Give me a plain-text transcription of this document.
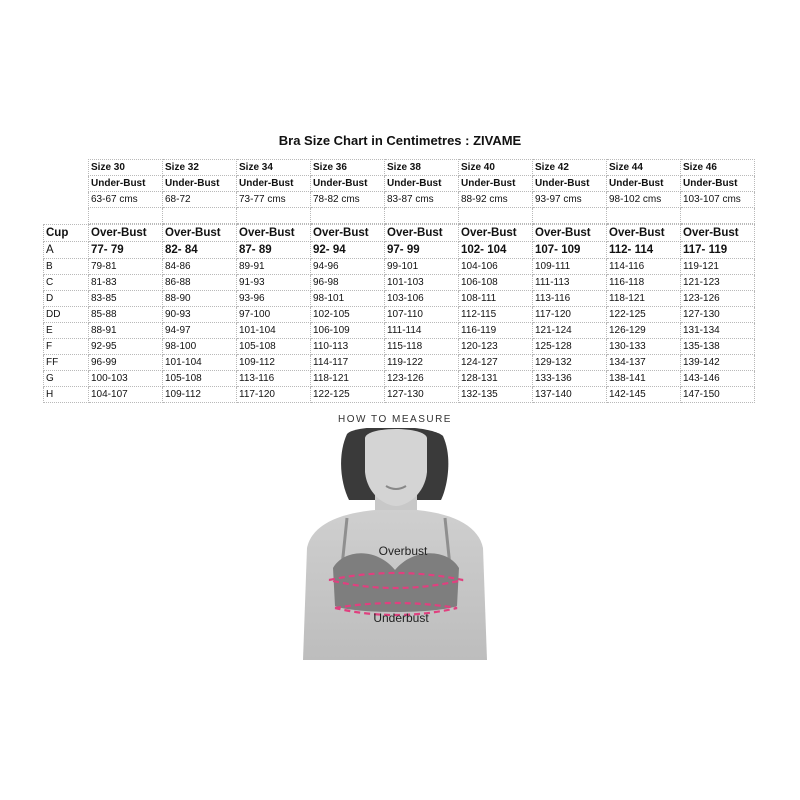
Bra Size Chart in Centimetres : ZIVAME
Size 30	Size 32	Size 34	Size 36	Size 38	Size 40	Size 42	Size 44	Size 46
Under-Bust	Under-Bust	Under-Bust	Under-Bust	Under-Bust	Under-Bust	Under-Bust	Under-Bust	Under-Bust
63-67 cms	68-72	73-77 cms	78-82 cms	83-87 cms	88-92 cms	93-97 cms	98-102 cms	103-107 cms

Cup	Over-Bust	Over-Bust	Over-Bust	Over-Bust	Over-Bust	Over-Bust	Over-Bust	Over-Bust	Over-Bust
A	77- 79	82- 84	87- 89	92- 94	97- 99	102- 104	107- 109	112- 114	117- 119
B	79-81	84-86	89-91	94-96	99-101	104-106	109-111	114-116	119-121
C	81-83	86-88	91-93	96-98	101-103	106-108	111-113	116-118	121-123
D	83-85	88-90	93-96	98-101	103-106	108-111	113-116	118-121	123-126
DD	85-88	90-93	97-100	102-105	107-110	112-115	117-120	122-125	127-130
E	88-91	94-97	101-104	106-109	111-114	116-119	121-124	126-129	131-134
F	92-95	98-100	105-108	110-113	115-118	120-123	125-128	130-133	135-138
FF	96-99	101-104	109-112	114-117	119-122	124-127	129-132	134-137	139-142
G	100-103	105-108	113-116	118-121	123-126	128-131	133-136	138-141	143-146
H	104-107	109-112	117-120	122-125	127-130	132-135	137-140	142-145	147-150
HOW TO MEASURE
Overbust
Underbust
